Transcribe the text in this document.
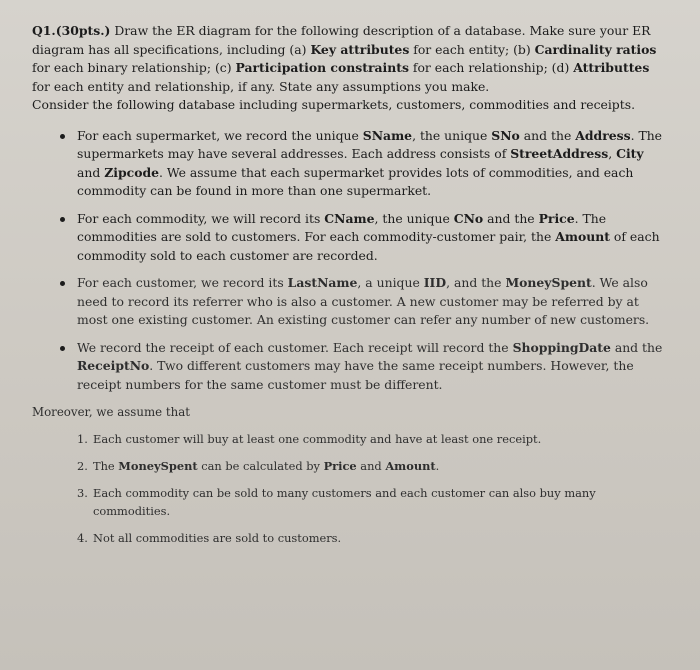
Q1.(30pts.) Draw the ER diagram for the following description of a database. Make sure your ER diagram has all specifications, including (a) Key attributes for each entity; (b) Cardinality ratios for each binary relationship; (c) Participation constraints for each relationship; (d) Attributtes for each entity and relationship, if any. State any assumptions you make.

Consider the following database including supermarkets, customers, commodities and receipts.

For each supermarket, we record the unique SName, the unique SNo and the Address. The supermarkets may have several addresses. Each address consists of StreetAddress, City and Zipcode. We assume that each supermarket provides lots of commodities, and each commodity can be found in more than one supermarket.
For each commodity, we will record its CName, the unique CNo and the Price. The commodities are sold to customers. For each commodity-customer pair, the Amount of each commodity sold to each customer are recorded.
For each customer, we record its LastName, a unique IID, and the MoneySpent. We also need to record its referrer who is also a customer. A new customer may be referred by at most one existing customer. An existing customer can refer any number of new customers.
We record the receipt of each customer. Each receipt will record the ShoppingDate and the ReceiptNo. Two different customers may have the same receipt numbers. However, the receipt numbers for the same customer must be different.

Moreover, we assume that

1. Each customer will buy at least one commodity and have at least one receipt.
2. The MoneySpent can be calculated by Price and Amount.
3. Each commodity can be sold to many customers and each customer can also buy many commodities.
4. Not all commodities are sold to customers.
